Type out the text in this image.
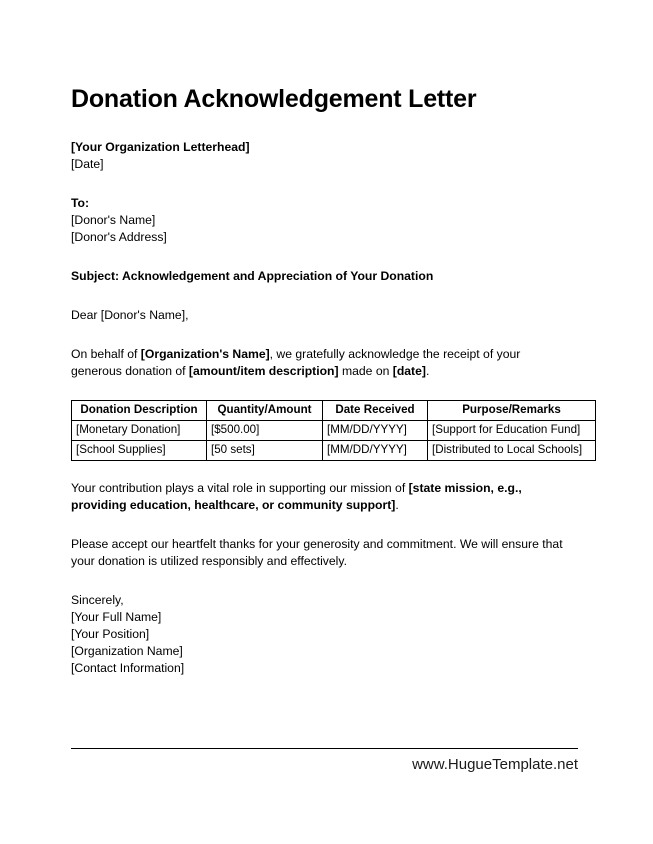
Donation Acknowledgement Letter
[Your Organization Letterhead]
[Date]
To:
[Donor's Name]
[Donor's Address]

Subject: Acknowledgement and Appreciation of Your Donation

Dear [Donor's Name],

On behalf of [Organization's Name], we gratefully acknowledge the receipt of your generous donation of [amount/item description] made on [date].

Donation Description	Quantity/Amount	Date Received	Purpose/Remarks
[Monetary Donation]	[$500.00]	[MM/DD/YYYY]	[Support for Education Fund]
[School Supplies]	[50 sets]	[MM/DD/YYYY]	[Distributed to Local Schools]

Your contribution plays a vital role in supporting our mission of [state mission, e.g., providing education, healthcare, or community support].

Please accept our heartfelt thanks for your generosity and commitment. We will ensure that your donation is utilized responsibly and effectively.

Sincerely,
[Your Full Name]
[Your Position]
[Organization Name]
[Contact Information]
www.HugueTemplate.net
